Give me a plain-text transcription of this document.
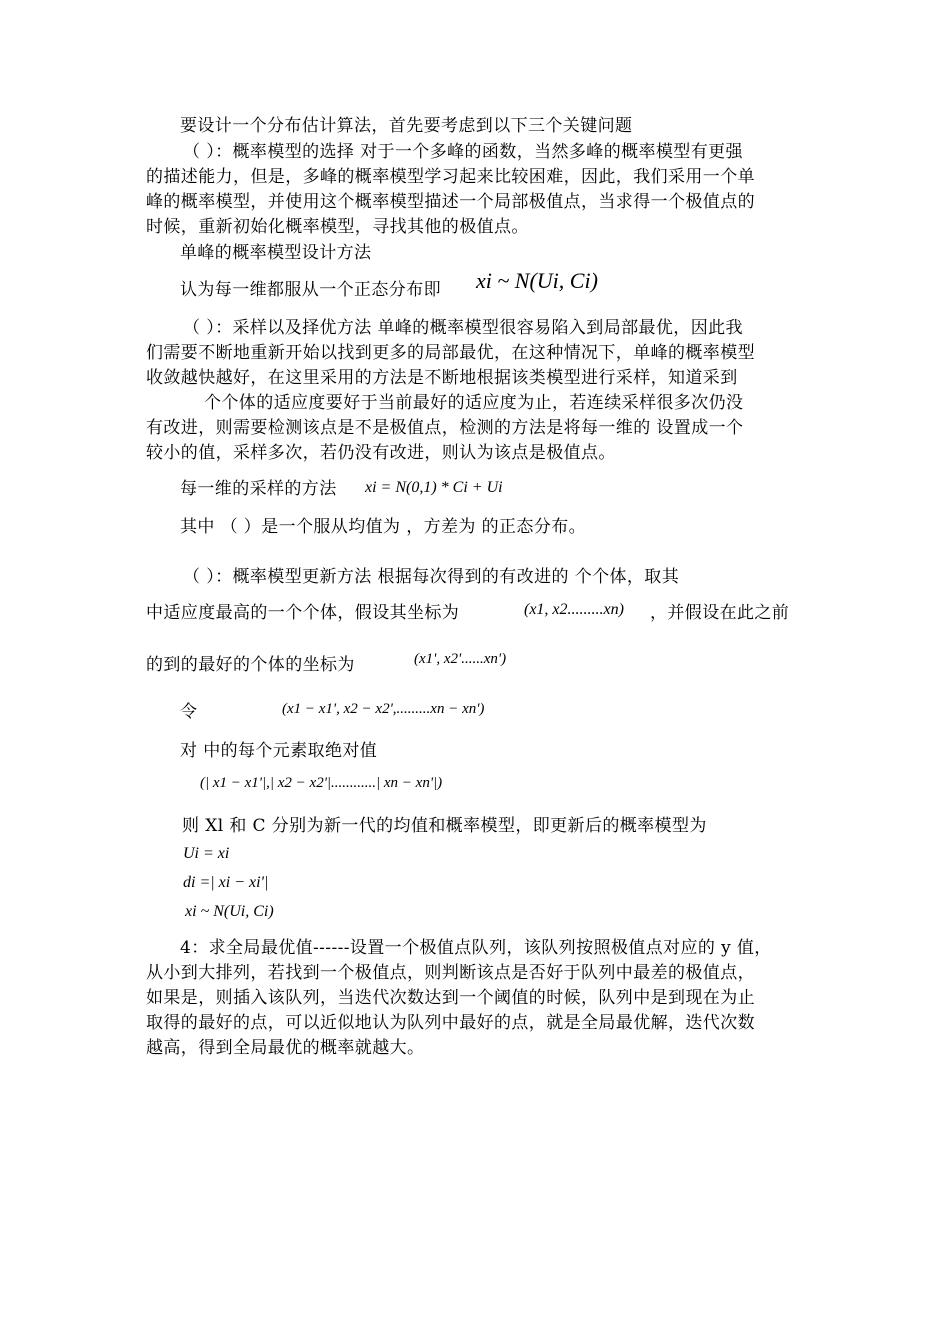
要设计一个分布估计算法，首先要考虑到以下三个关键问题
（ ）：概率模型的选择 对于一个多峰的函数，当然多峰的概率模型有更强
的描述能力，但是，多峰的概率模型学习起来比较困难，因此，我们采用一个单
峰的概率模型，并使用这个概率模型描述一个局部极值点，当求得一个极值点的
时候，重新初始化概率模型，寻找其他的极值点。
单峰的概率模型设计方法
认为每一维都服从一个正态分布即 xi ~ N(Ui, Ci)
（ ）：采样以及择优方法 单峰的概率模型很容易陷入到局部最优，因此我
们需要不断地重新开始以找到更多的局部最优，在这种情况下，单峰的概率模型
收敛越快越好，在这里采用的方法是不断地根据该类模型进行采样，知道采到
个个体的适应度要好于当前最好的适应度为止，若连续采样很多次仍没
有改进，则需要检测该点是不是极值点，检测的方法是将每一维的 设置成一个
较小的值，采样多次，若仍没有改进，则认为该点是极值点。
每一维的采样的方法 xi = N(0,1) * Ci + Ui
其中 （ ）是一个服从均值为 ，方差为 的正态分布。
（ ）：概率模型更新方法 根据每次得到的有改进的 个个体，取其
中适应度最高的一个个体，假设其坐标为	(x1, x2.........xn) ，并假设在此之前
的到的最好的个体的坐标为	(x1', x2'......xn')
令	(x1 − x1', x2 − x2',.........xn − xn')
对 中的每个元素取绝对值
(| x1 − x1'|,| x2 − x2'|............| xn − xn'|)
则 Xl 和 C 分别为新一代的均值和概率模型，即更新后的概率模型为
Ui = xi
di =| xi − xi'|
xi ~ N(Ui, Ci)
4：求全局最优值------设置一个极值点队列，该队列按照极值点对应的 y 值，
从小到大排列，若找到一个极值点，则判断该点是否好于队列中最差的极值点，
如果是，则插入该队列，当迭代次数达到一个阈值的时候，队列中是到现在为止
取得的最好的点，可以近似地认为队列中最好的点，就是全局最优解，迭代次数
越高，得到全局最优的概率就越大。
